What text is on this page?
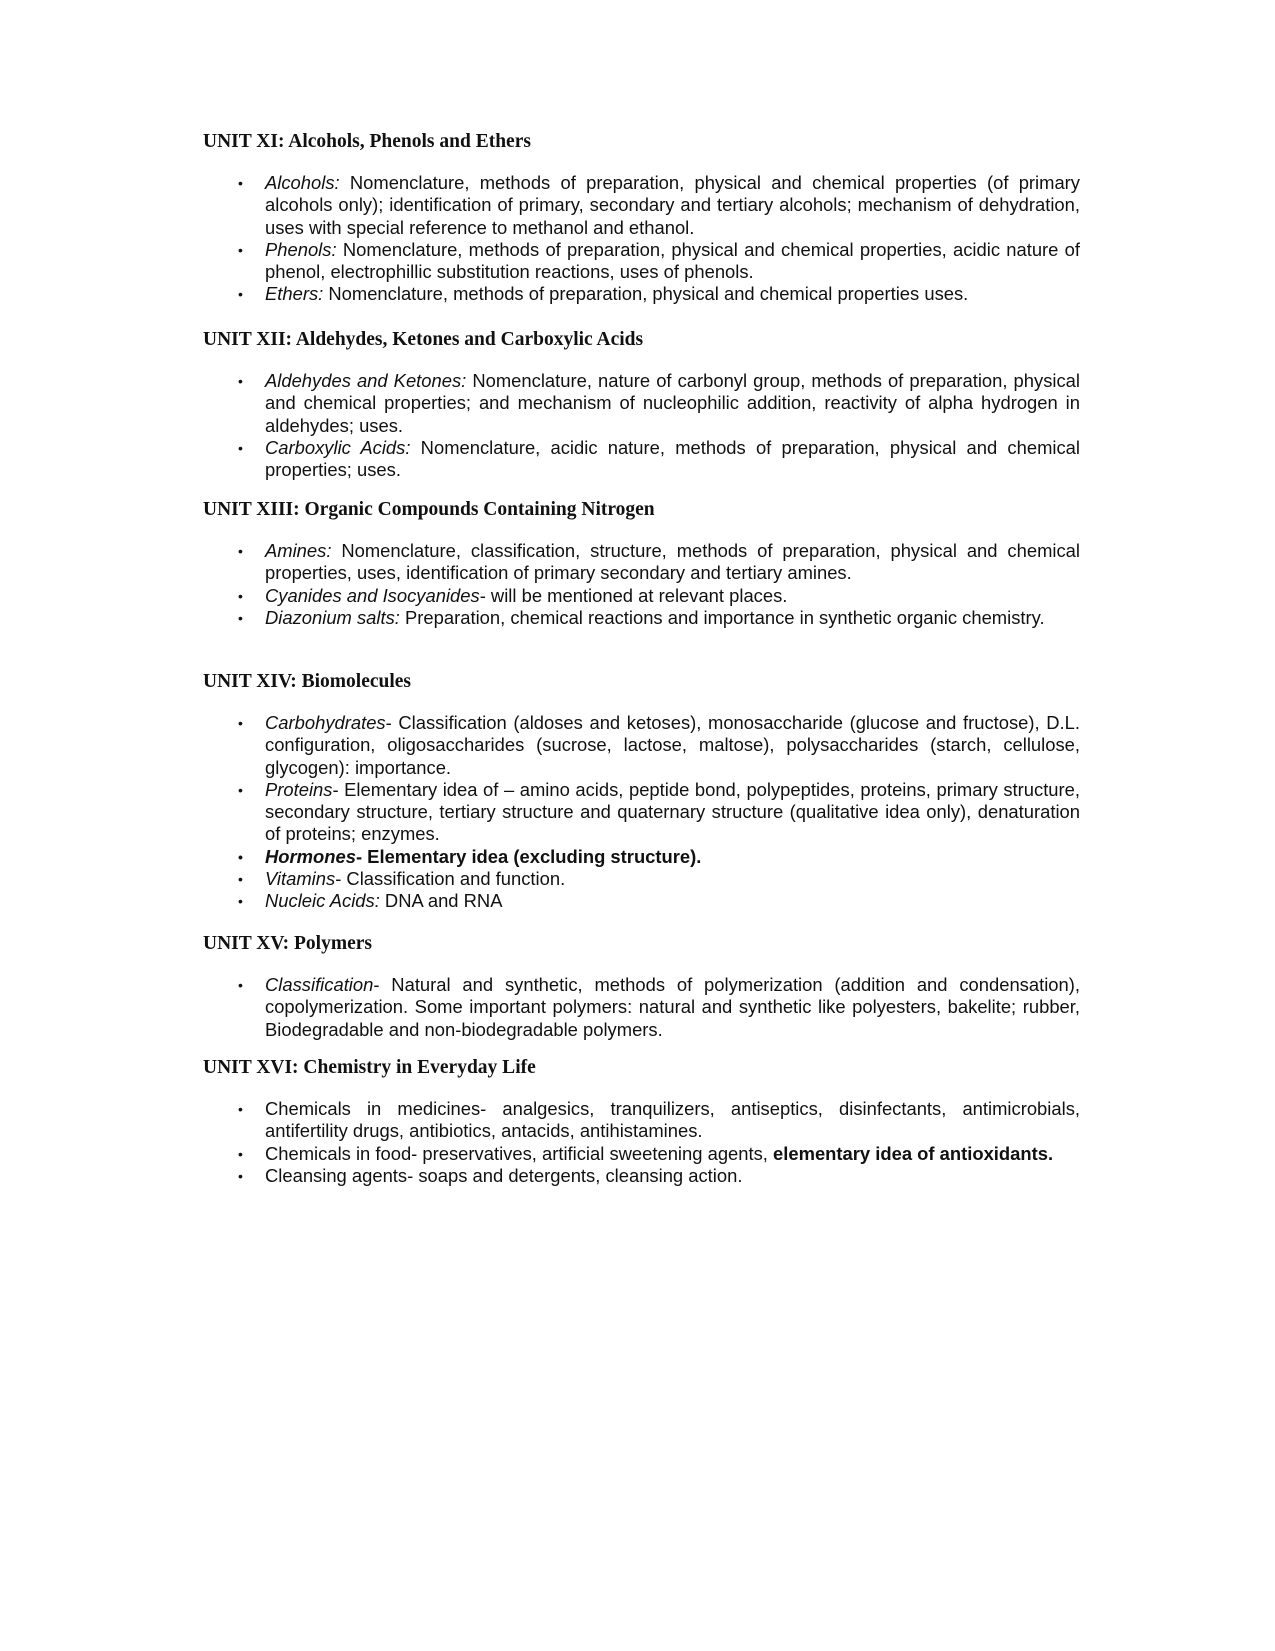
UNIT XI: Alcohols, Phenols and Ethers
• Alcohols: Nomenclature, methods of preparation, physical and chemical properties (of primary alcohols only); identification of primary, secondary and tertiary alcohols; mechanism of dehydration, uses with special reference to methanol and ethanol.
• Phenols: Nomenclature, methods of preparation, physical and chemical properties, acidic nature of phenol, electrophillic substitution reactions, uses of phenols.
• Ethers: Nomenclature, methods of preparation, physical and chemical properties uses.
UNIT XII: Aldehydes, Ketones and Carboxylic Acids
• Aldehydes and Ketones: Nomenclature, nature of carbonyl group, methods of preparation, physical and chemical properties; and mechanism of nucleophilic addition, reactivity of alpha hydrogen in aldehydes; uses.
• Carboxylic Acids: Nomenclature, acidic nature, methods of preparation, physical and chemical properties; uses.
UNIT XIII: Organic Compounds Containing Nitrogen
• Amines: Nomenclature, classification, structure, methods of preparation, physical and chemical properties, uses, identification of primary secondary and tertiary amines.
• Cyanides and Isocyanides- will be mentioned at relevant places.
• Diazonium salts: Preparation, chemical reactions and importance in synthetic organic chemistry.
UNIT XIV: Biomolecules
• Carbohydrates- Classification (aldoses and ketoses), monosaccharide (glucose and fructose), D.L. configuration, oligosaccharides (sucrose, lactose, maltose), polysaccharides (starch, cellulose, glycogen): importance.
• Proteins- Elementary idea of – amino acids, peptide bond, polypeptides, proteins, primary structure, secondary structure, tertiary structure and quaternary structure (qualitative idea only), denaturation of proteins; enzymes.
• Hormones- Elementary idea (excluding structure).
• Vitamins- Classification and function.
• Nucleic Acids: DNA and RNA
UNIT XV: Polymers
• Classification- Natural and synthetic, methods of polymerization (addition and condensation), copolymerization. Some important polymers: natural and synthetic like polyesters, bakelite; rubber, Biodegradable and non-biodegradable polymers.
UNIT XVI: Chemistry in Everyday Life
• Chemicals in medicines- analgesics, tranquilizers, antiseptics, disinfectants, antimicrobials, antifertility drugs, antibiotics, antacids, antihistamines.
• Chemicals in food- preservatives, artificial sweetening agents, elementary idea of antioxidants.
• Cleansing agents- soaps and detergents, cleansing action.
